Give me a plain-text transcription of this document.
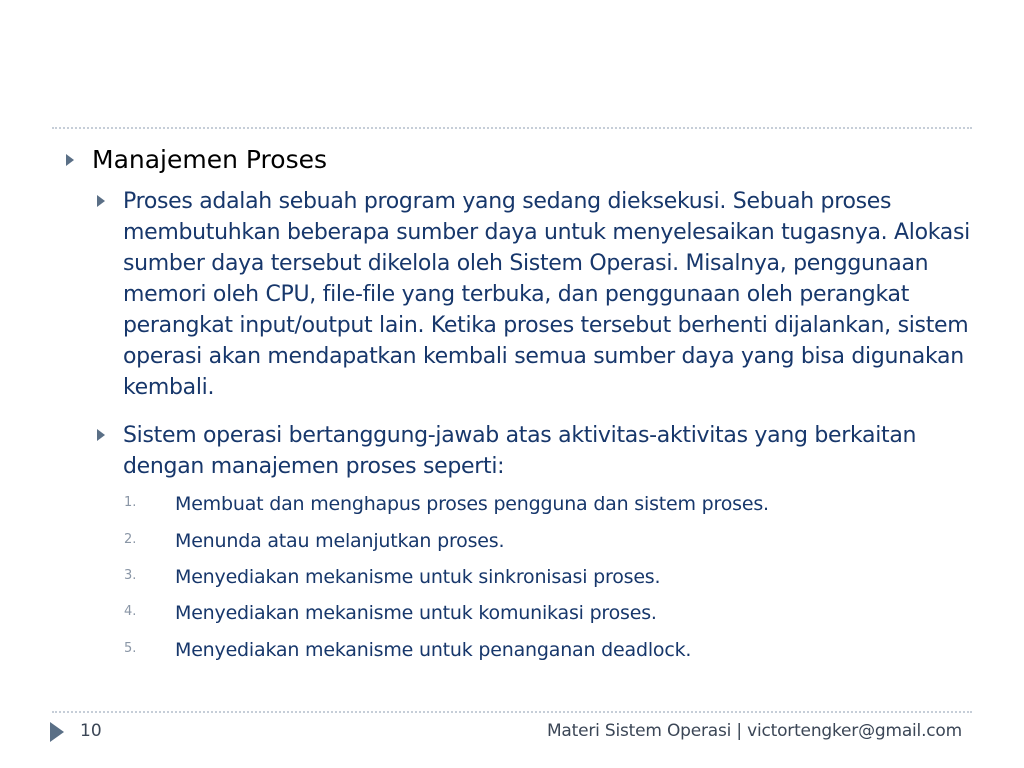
Manajemen Proses
Proses adalah sebuah program yang sedang dieksekusi. Sebuah proses membutuhkan beberapa sumber daya untuk menyelesaikan tugasnya. Alokasi sumber daya tersebut dikelola oleh Sistem Operasi. Misalnya, penggunaan memori oleh CPU, file-file yang terbuka, dan penggunaan oleh perangkat perangkat input/output lain. Ketika proses tersebut berhenti dijalankan, sistem operasi akan mendapatkan kembali semua sumber daya yang bisa digunakan kembali.
Sistem operasi bertanggung-jawab atas aktivitas-aktivitas yang berkaitan dengan manajemen proses seperti:
1. Membuat dan menghapus proses pengguna dan sistem proses.
2. Menunda atau melanjutkan proses.
3. Menyediakan mekanisme untuk sinkronisasi proses.
4. Menyediakan mekanisme untuk komunikasi proses.
5. Menyediakan mekanisme untuk penanganan deadlock.
10	Materi Sistem Operasi | victortengker@gmail.com
